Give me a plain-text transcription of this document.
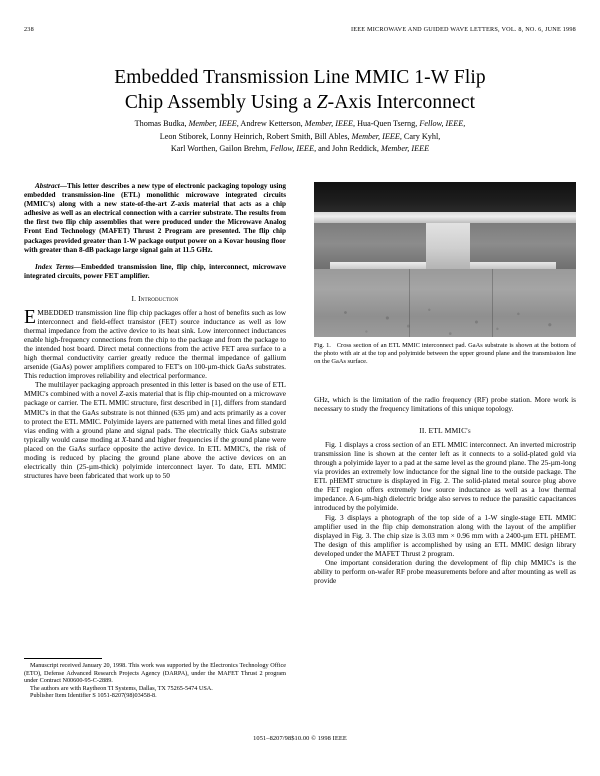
238	IEEE MICROWAVE AND GUIDED WAVE LETTERS, VOL. 8, NO. 6, JUNE 1998
Embedded Transmission Line MMIC 1-W Flip
Chip Assembly Using a Z-Axis Interconnect
Thomas Budka, Member, IEEE, Andrew Ketterson, Member, IEEE, Hua-Quen Tserng, Fellow, IEEE,
Leon Stiborek, Lonny Heinrich, Robert Smith, Bill Ables, Member, IEEE, Cary Kyhl,
Karl Worthen, Gailon Brehm, Fellow, IEEE, and John Reddick, Member, IEEE
Abstract—This letter describes a new type of electronic packaging topology using embedded transmission-line (ETL) monolithic microwave integrated circuits (MMIC's) along with a new state-of-the-art Z-axis material that acts as a chip adhesive as well as an electrical connection with a carrier substrate. The results from the first two flip chip assemblies that were produced under the Microwave Analog Front End Technology (MAFET) Thrust 2 Program are presented. The flip chip packages provided greater than 1-W package output power on a Kovar housing floor with greater than 8-dB package large signal gain at 11.5 GHz.
Index Terms—Embedded transmission line, flip chip, interconnect, microwave integrated circuits, power FET amplifier.
I. Introduction

EMBEDDED transmission line flip chip packages offer a host of benefits such as low interconnect and field-effect transistor (FET) source inductance as well as low thermal impedance from the active device to its heat sink. Low interconnect inductances enable high-frequency connections from the chip to the package and from the package to the intended host board. Direct metal connections from the active FET area surface to a high thermal conductivity carrier greatly reduce the thermal impedance of gallium arsenide (GaAs) power amplifiers compared to FET's on 100-µm-thick GaAs substrates. This reduction improves reliability and electrical performance.

The multilayer packaging approach presented in this letter is based on the use of ETL MMIC's combined with a novel Z-axis material that is flip chip-mounted on a microwave package or carrier. The ETL MMIC structure, first described in [1], differs from standard MMIC's in that the GaAs substrate is not thinned (635 µm) and acts primarily as a cover to protect the ETL MMIC. Polyimide layers are patterned with metal lines and filled gold vias ending with a ground plane and signal pads. The electrically thick GaAs substrate typically would cause moding at X-band and higher frequencies if the ground plane were placed on the GaAs surface opposite the active device. In ETL MMIC's, the risk of moding is reduced by placing the ground plane above the active devices on an electrically thin (25-µm-thick) polyimide interconnect layer. To date, ETL MMIC structures have been fabricated that work up to 50

Fig. 1. Cross section of an ETL MMIC interconnect pad. GaAs substrate is shown at the bottom of the photo with air at the top and polyimide between the upper ground plane and the transmission line on the GaAs surface.

GHz, which is the limitation of the radio frequency (RF) probe station. More work is necessary to study the frequency limitations of this unique topology.

II. ETL MMIC's

Fig. 1 displays a cross section of an ETL MMIC interconnect. An inverted microstrip transmission line is shown at the center left as it connects to a solid-plated gold via through a polyimide layer to a pad at the same level as the ground plane. The 25-µm-long via provides an extremely low inductance for the signal line to the outside package. The ETL pHEMT structure is displayed in Fig. 2. The solid-plated metal source plug above the FET region offers extremely low source inductance as well as a low thermal impedance. A 6-µm-high dielectric bridge also serves to reduce the parasitic capacitances introduced by the polyimide.

Fig. 3 displays a photograph of the top side of a 1-W single-stage ETL MMIC amplifier used in the flip chip demonstration along with the layout of the amplifier displayed in Fig. 3. The chip size is 3.03 mm × 0.96 mm with a 2400-µm ETL pHEMT. The design of this amplifier is accomplished by using an ETL MMIC design library developed under the MAFET Thrust 2 program.

One important consideration during the development of flip chip MMIC's is the ability to perform on-wafer RF probe measurements before and after mounting as well as provide

Manuscript received January 20, 1998. This work was supported by the Electronics Technology Office (ETO), Defense Advanced Research Projects Agency (DARPA), under the MAFET Thrust 2 program under Contract N00600-95-C-2889.

The authors are with Raytheon TI Systems, Dallas, TX 75265-5474 USA.

Publisher Item Identifier S 1051-8207(98)03458-8.

1051–8207/98$10.00 © 1998 IEEE
